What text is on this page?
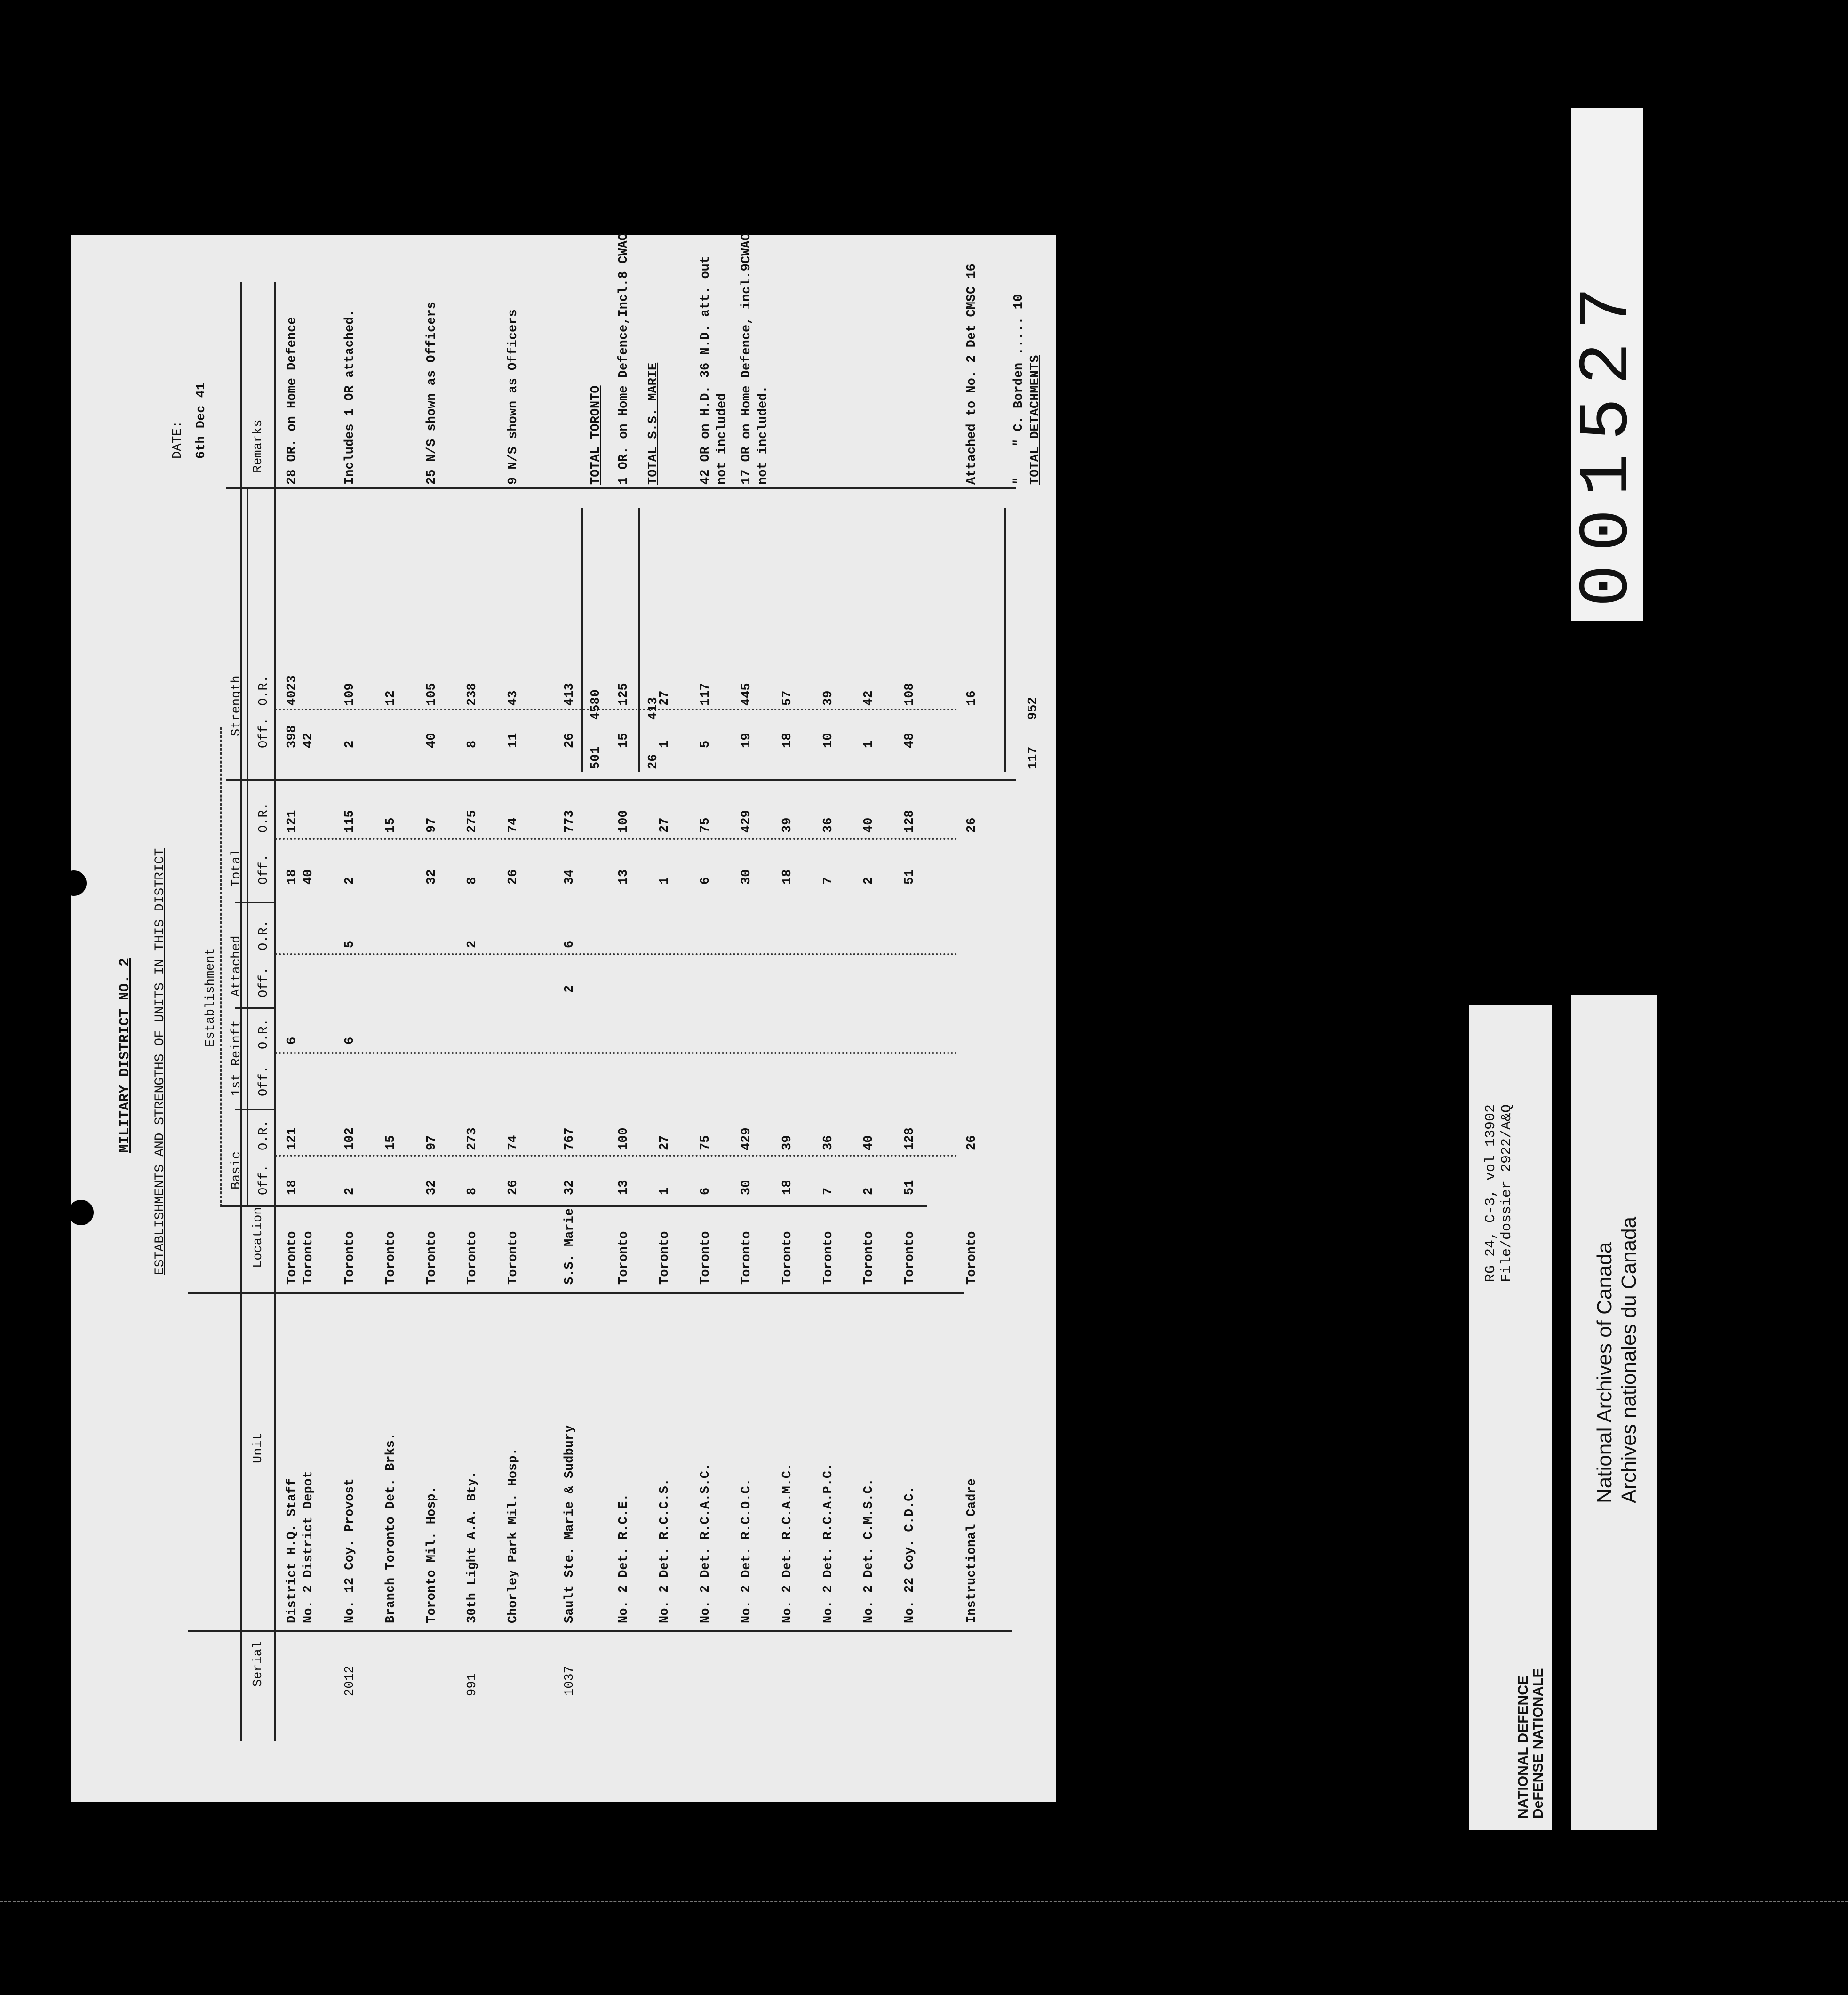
MILITARY DISTRICT NO. 2 ESTABLISHMENTS AND STRENGTHS OF UNITS IN THIS DISTRICT
DATE: 6th Dec 41
Serial
Unit
Location
Establishment
Basic
1st Reinft
Attached
Total
Strength
Remarks
Off.
O.R.
Off.
O.R.
Off.
O.R.
Off.
O.R.
Off.
O.R.
District H.Q. Staff
Toronto
18
121
6
18
121
398
4023
28 OR. on Home Defence
No. 2 District Depot
Toronto
40
42
2012
No. 12 Coy. Provost
Toronto
2
102
6
5
2
115
2
109
Includes 1 OR attached.
Branch Toronto Det. Brks.
Toronto
15
15
12
Toronto Mil. Hosp.
Toronto
32
97
32
97
40
105
25 N/S shown as Officers
991
30th Light A.A. Bty.
Toronto
8
273
2
8
275
8
238
Chorley Park Mil. Hosp.
Toronto
26
74
26
74
11
43
9 N/S shown as Officers
1037
Sault Ste. Marie & Sudbury
S.S. Marie
32
767
2
6
34
773
26
413
No. 2 Det. R.C.E.
Toronto
13
100
13
100
15
125
1 OR. on Home Defence,Incl.8 CWAC
No. 2 Det. R.C.C.S.
Toronto
1
27
1
27
1
27
No. 2 Det. R.C.A.S.C.
Toronto
6
75
6
75
5
117
42 OR on H.D. 36 N.D. att. out not included
No. 2 Det. R.C.O.C.
Toronto
30
429
30
429
19
445
17 OR on Home Defence, incl.9CWAC not included.
No. 2 Det. R.C.A.M.C.
Toronto
18
39
18
39
18
57
No. 2 Det. R.C.A.P.C.
Toronto
7
36
7
36
10
39
No. 2 Det. C.M.S.C.
Toronto
2
40
2
40
1
42
No. 22 Coy. C.D.C.
Toronto
51
128
51
128
48
108
Instructional Cadre
Toronto
26
26
16
Attached to No. 2 Det CMSC 16
501
4580
TOTAL TORONTO
26
413
TOTAL S.S. MARIE
117
952
"    " C. Borden ..... 10 TOTAL DETACHMENTS
NATIONAL DEFENCE DeFENSE NATIONALE
RG 24, C-3, vol 13902 File/dossier 2922/A&Q
National Archives of Canada Archives nationales du Canada
001527
